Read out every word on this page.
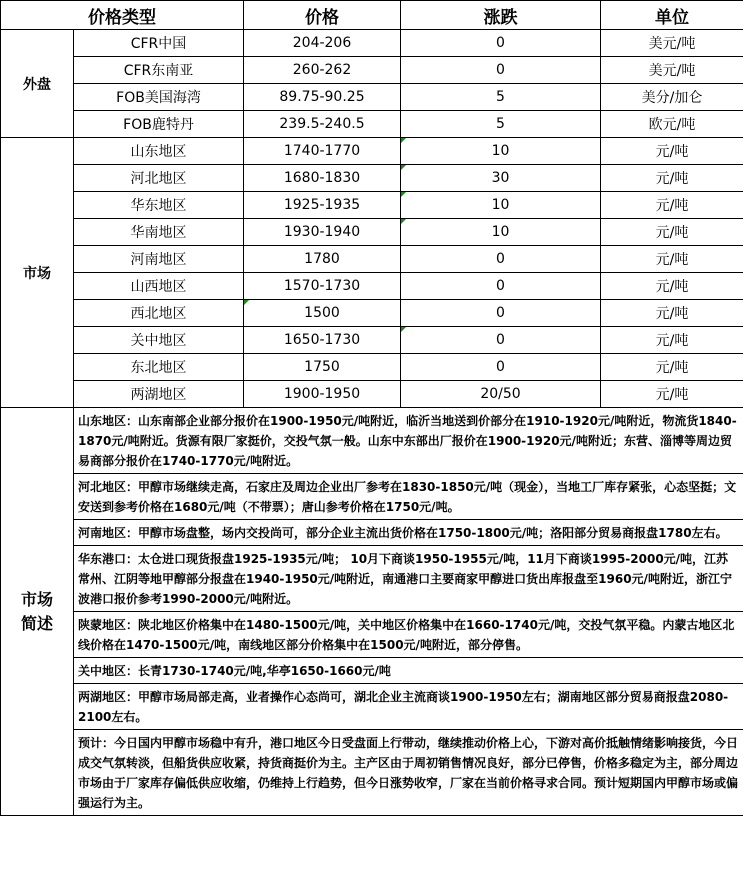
价格类型		价格	涨跌	单位
外盘	CFR中国	204-206	0	美元/吨
	CFR东南亚	260-262	0	美元/吨
	FOB美国海湾	89.75-90.25	5	美分/加仑
	FOB鹿特丹	239.5-240.5	5	欧元/吨
市场	山东地区	1740-1770	10	元/吨
	河北地区	1680-1830	30	元/吨
	华东地区	1925-1935	10	元/吨
	华南地区	1930-1940	10	元/吨
	河南地区	1780	0	元/吨
	山西地区	1570-1730	0	元/吨
	西北地区	1500	0	元/吨
	关中地区	1650-1730	0	元/吨
	东北地区	1750	0	元/吨
	两湖地区	1900-1950	20/50	元/吨
市场
简述	山东地区：山东南部企业部分报价在1900-1950元/吨附近，临沂当地送到价部分在1910-1920元/吨附近，物流货1840-1870元/吨附近。货源有限厂家挺价，交投气氛一般。山东中东部出厂报价在1900-1920元/吨附近；东营、淄博等周边贸易商部分报价在1740-1770元/吨附近。			
	河北地区：甲醇市场继续走高，石家庄及周边企业出厂参考在1830-1850元/吨（现金），当地工厂库存紧张，心态坚挺；文安送到参考价格在1680元/吨（不带票）；唐山参考价格在1750元/吨。			
	河南地区：甲醇市场盘整，场内交投尚可，部分企业主流出货价格在1750-1800元/吨；洛阳部分贸易商报盘1780左右。			
	华东港口：太仓进口现货报盘1925-1935元/吨； 10月下商谈1950-1955元/吨，11月下商谈1995-2000元/吨，江苏常州、江阴等地甲醇部分报盘在1940-1950元/吨附近，南通港口主要商家甲醇进口货出库报盘至1960元/吨附近，浙江宁波港口报价参考1990-2000元/吨附近。			
	陕蒙地区：陕北地区价格集中在1480-1500元/吨，关中地区价格集中在1660-1740元/吨，交投气氛平稳。内蒙古地区北线价格在1470-1500元/吨，南线地区部分价格集中在1500元/吨附近，部分停售。			
	关中地区：长青1730-1740元/吨,华亭1650-1660元/吨			
	两湖地区：甲醇市场局部走高，业者操作心态尚可，湖北企业主流商谈1900-1950左右；湖南地区部分贸易商报盘2080-2100左右。			
	预计：今日国内甲醇市场稳中有升，港口地区今日受盘面上行带动，继续推动价格上心，下游对高价抵触情绪影响接货，今日成交气氛转淡，但船货供应收紧，持货商挺价为主。主产区由于周初销售情况良好，部分已停售，价格多稳定为主，部分周边市场由于厂家库存偏低供应收缩，仍维持上行趋势，但今日涨势收窄，厂家在当前价格寻求合同。预计短期国内甲醇市场或偏强运行为主。			
